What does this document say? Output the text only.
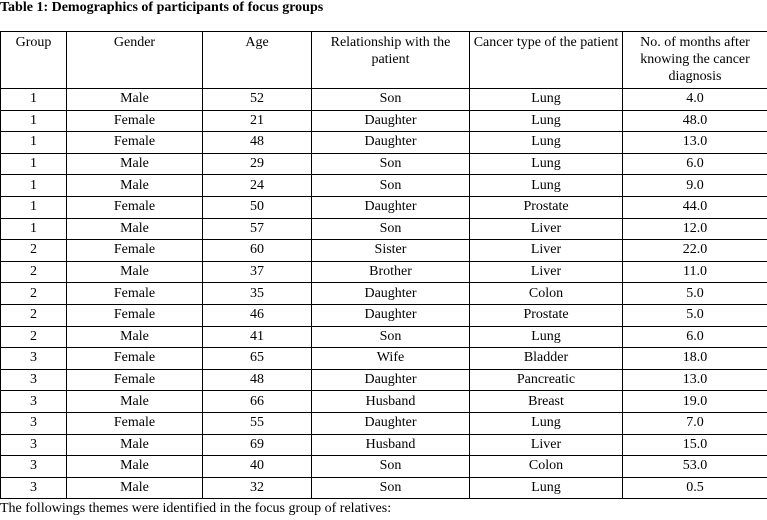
Table 1: Demographics of participants of focus groups
Group	Gender	Age	Relationship with the patient	Cancer type of the patient	No. of months after knowing the cancer diagnosis
1	Male	52	Son	Lung	4.0
1	Female	21	Daughter	Lung	48.0
1	Female	48	Daughter	Lung	13.0
1	Male	29	Son	Lung	6.0
1	Male	24	Son	Lung	9.0
1	Female	50	Daughter	Prostate	44.0
1	Male	57	Son	Liver	12.0
2	Female	60	Sister	Liver	22.0
2	Male	37	Brother	Liver	11.0
2	Female	35	Daughter	Colon	5.0
2	Female	46	Daughter	Prostate	5.0
2	Male	41	Son	Lung	6.0
3	Female	65	Wife	Bladder	18.0
3	Female	48	Daughter	Pancreatic	13.0
3	Male	66	Husband	Breast	19.0
3	Female	55	Daughter	Lung	7.0
3	Male	69	Husband	Liver	15.0
3	Male	40	Son	Colon	53.0
3	Male	32	Son	Lung	0.5
The followings themes were identified in the focus group of relatives:
